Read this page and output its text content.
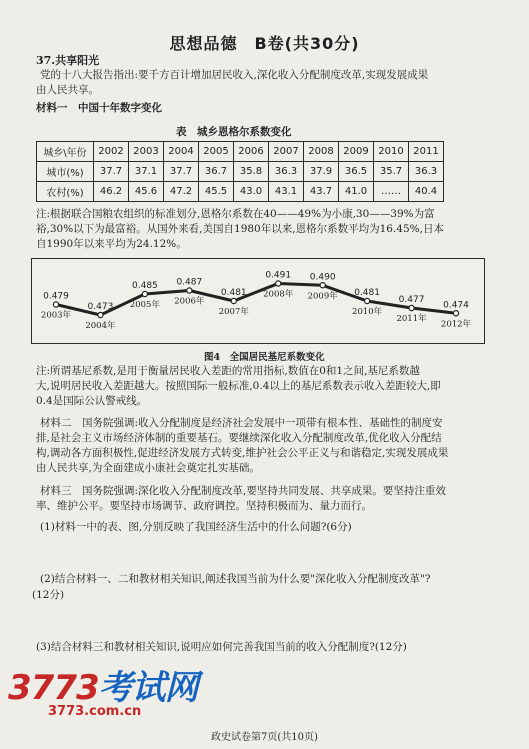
思想品德　B卷(共30分)
37.共享阳光
党的十八大报告指出:要千方百计增加居民收入,深化收入分配制度改革,实现发展成果
由人民共享。
材料一　中国十年数字变化
表　城乡恩格尔系数变化
城乡\年份	2002	2003	2004	2005	2006	2007	2008	2009	2010	2011
城市(%)	37.7	37.1	37.7	36.7	35.8	36.3	37.9	36.5	35.7	36.3
农村(%)	46.2	45.6	47.2	45.5	43.0	43.1	43.7	41.0	……	40.4
注:根据联合国粮农组织的标准划分,恩格尔系数在40——49%为小康,30——39%为富
裕,30%以下为最富裕。从国外来看,美国自1980年以来,恩格尔系数平均为16.45%,日本
自1990年以来平均为24.12%。
0.479
2003年
0.473
2004年
0.485
2005年
0.487
2006年
0.481
2007年
0.491
2008年
0.490
2009年 0.481
2010年
0.477
2011年
0.474
2012年
图4　全国居民基尼系数变化
注:所谓基尼系数,是用于衡量居民收入差距的常用指标,数值在0和1之间,基尼系数越
大,说明居民收入差距越大。按照国际一般标准,0.4以上的基尼系数表示收入差距较大,即
0.4是国际公认警戒线。
材料二　国务院强调:收入分配制度是经济社会发展中一项带有根本性、基础性的制度安
排,是社会主义市场经济体制的重要基石。要继续深化收入分配制度改革,优化收入分配结
构,调动各方面积极性,促进经济发展方式转变,维护社会公平正义与和谐稳定,实现发展成果
由人民共享,为全面建成小康社会奠定扎实基础。
材料三　国务院强调:深化收入分配制度改革,要坚持共同发展、共享成果。要坚持注重效
率、维护公平。要坚持市场调节、政府调控。坚持积极而为、量力而行。
(1)材料一中的表、图,分别反映了我国经济生活中的什么问题?(6分)
(2)结合材料一、二和教材相关知识,阐述我国当前为什么要"深化收入分配制度改革"?
(12分)
(3)结合材料三和教材相关知识,说明应如何完善我国当前的收入分配制度?(12分)
3773考试网
3773.com.cn
政史试卷第7页(共10页)
